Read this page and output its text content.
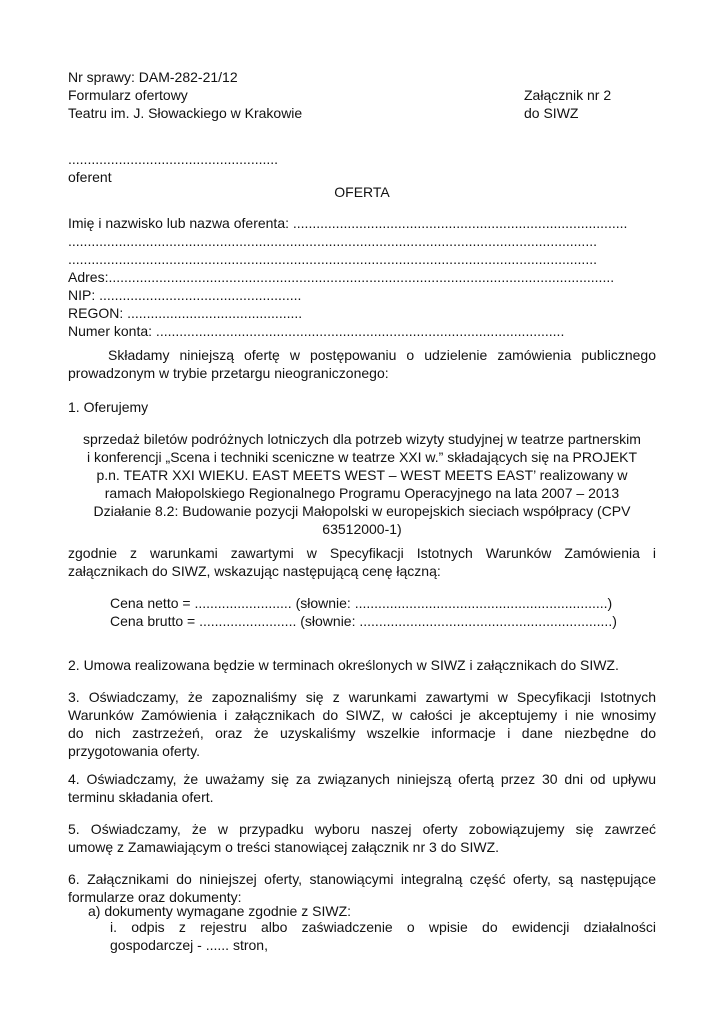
Nr sprawy: DAM-282-21/12
Formularz ofertowy
Teatru im. J. Słowackiego w Krakowie
Załącznik nr 2
do SIWZ
......................................................
oferent
OFERTA
Imię i nazwisko lub nazwa oferenta: ......................................................................................
........................................................................................................................................
........................................................................................................................................
Adres:..................................................................................................................................
NIP: ....................................................
REGON: .............................................
Numer konta: .........................................................................................................
Składamy niniejszą ofertę w postępowaniu o udzielenie zamówienia publicznego
prowadzonym w trybie przetargu nieograniczonego:
1. Oferujemy
sprzedaż biletów podróżnych lotniczych dla potrzeb wizyty studyjnej w teatrze partnerskim
i konferencji „Scena i techniki sceniczne w teatrze XXI w.” składających się na PROJEKT
p.n. TEATR XXI WIEKU. EAST MEETS WEST – WEST MEETS EAST’ realizowany w
ramach Małopolskiego Regionalnego Programu Operacyjnego na lata 2007 – 2013
Działanie 8.2: Budowanie pozycji Małopolski w europejskich sieciach współpracy (CPV
63512000-1)
zgodnie z warunkami zawartymi w Specyfikacji Istotnych Warunków Zamówienia i
załącznikach do SIWZ, wskazując następującą cenę łączną:
Cena netto = ......................... (słownie: .................................................................)
Cena brutto = ......................... (słownie: .................................................................)
2. Umowa realizowana będzie w terminach określonych w SIWZ i załącznikach do SIWZ.
3. Oświadczamy, że zapoznaliśmy się z warunkami zawartymi w Specyfikacji Istotnych
Warunków Zamówienia i załącznikach do SIWZ, w całości je akceptujemy i nie wnosimy
do nich zastrzeżeń, oraz że uzyskaliśmy wszelkie informacje i dane niezbędne do
przygotowania oferty.
4. Oświadczamy, że uważamy się za związanych niniejszą ofertą przez 30 dni od upływu
terminu składania ofert.
5. Oświadczamy, że w przypadku wyboru naszej oferty zobowiązujemy się zawrzeć
umowę z Zamawiającym o treści stanowiącej załącznik nr 3 do SIWZ.
6. Załącznikami do niniejszej oferty, stanowiącymi integralną część oferty, są następujące
formularze oraz dokumenty:
a) dokumenty wymagane zgodnie z SIWZ:
i. odpis z rejestru albo zaświadczenie o wpisie do ewidencji działalności
gospodarczej - ...... stron,
